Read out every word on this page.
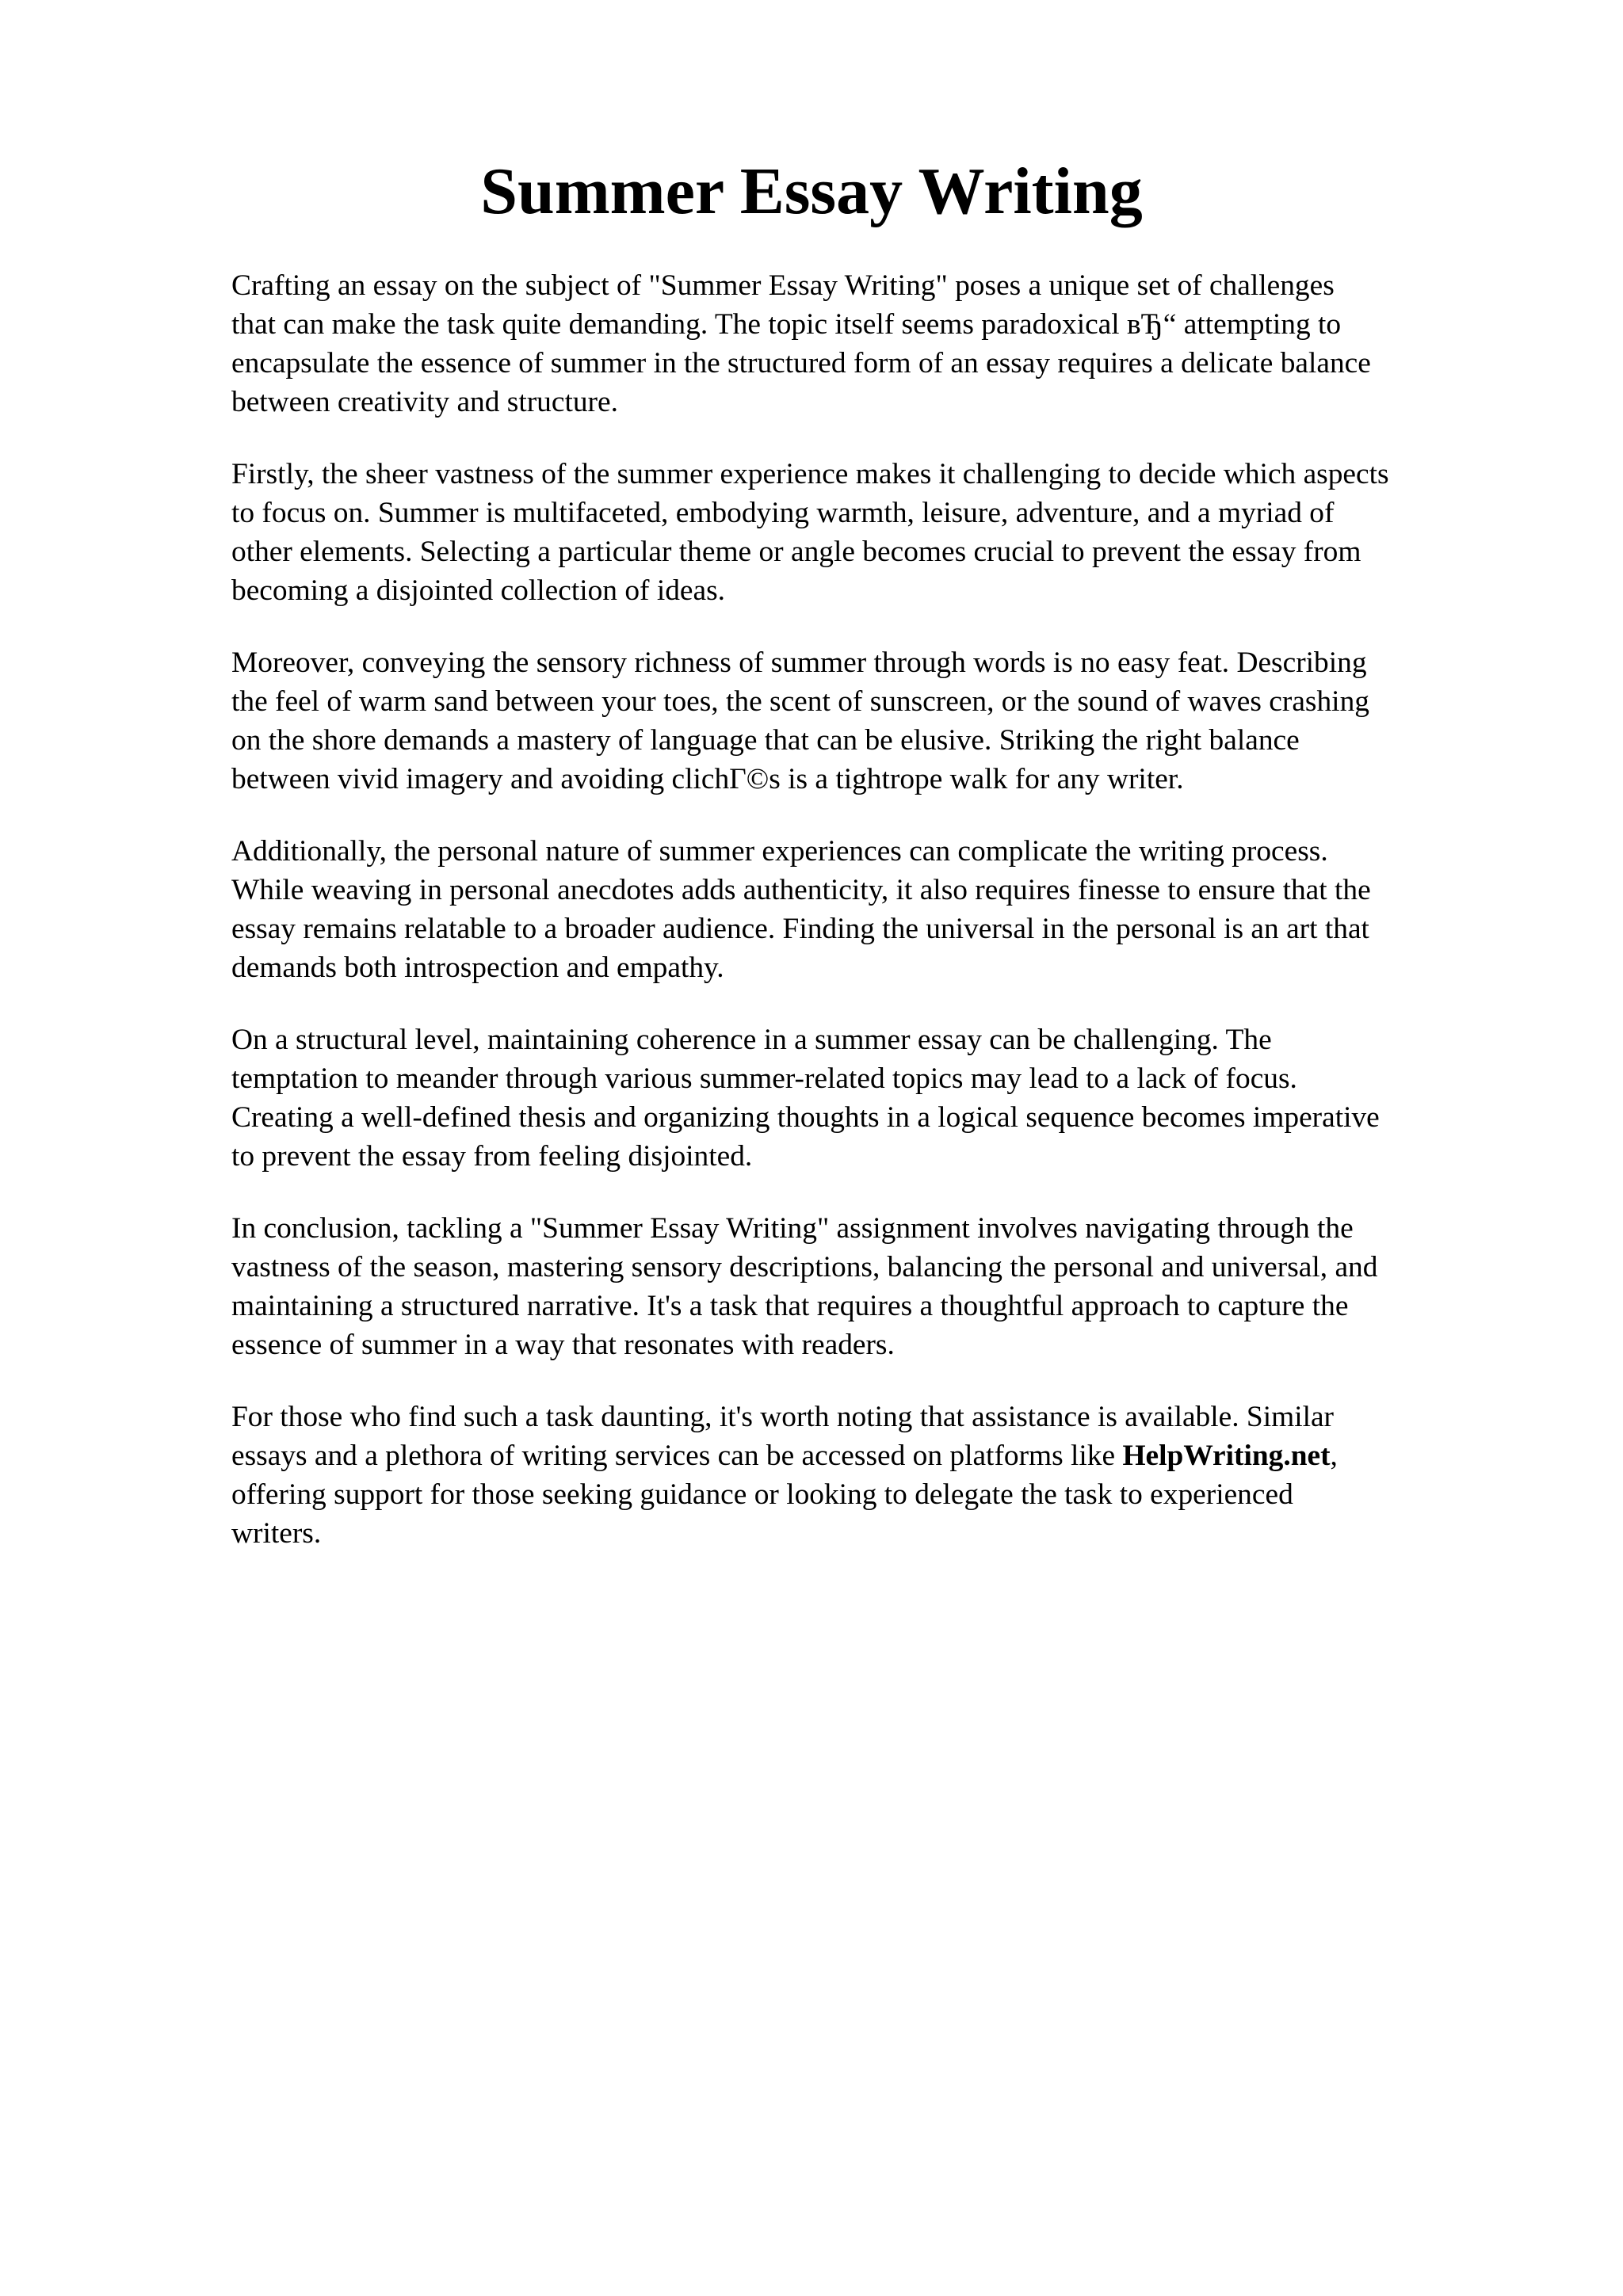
Summer Essay Writing

Crafting an essay on the subject of "Summer Essay Writing" poses a unique set of challenges
that can make the task quite demanding. The topic itself seems paradoxical вЂ“ attempting to
encapsulate the essence of summer in the structured form of an essay requires a delicate balance
between creativity and structure.

Firstly, the sheer vastness of the summer experience makes it challenging to decide which aspects
to focus on. Summer is multifaceted, embodying warmth, leisure, adventure, and a myriad of
other elements. Selecting a particular theme or angle becomes crucial to prevent the essay from
becoming a disjointed collection of ideas.

Moreover, conveying the sensory richness of summer through words is no easy feat. Describing
the feel of warm sand between your toes, the scent of sunscreen, or the sound of waves crashing
on the shore demands a mastery of language that can be elusive. Striking the right balance
between vivid imagery and avoiding clichГ©s is a tightrope walk for any writer.

Additionally, the personal nature of summer experiences can complicate the writing process.
While weaving in personal anecdotes adds authenticity, it also requires finesse to ensure that the
essay remains relatable to a broader audience. Finding the universal in the personal is an art that
demands both introspection and empathy.

On a structural level, maintaining coherence in a summer essay can be challenging. The
temptation to meander through various summer-related topics may lead to a lack of focus.
Creating a well-defined thesis and organizing thoughts in a logical sequence becomes imperative
to prevent the essay from feeling disjointed.

In conclusion, tackling a "Summer Essay Writing" assignment involves navigating through the
vastness of the season, mastering sensory descriptions, balancing the personal and universal, and
maintaining a structured narrative. It's a task that requires a thoughtful approach to capture the
essence of summer in a way that resonates with readers.

For those who find such a task daunting, it's worth noting that assistance is available. Similar
essays and a plethora of writing services can be accessed on platforms like HelpWriting.net,
offering support for those seeking guidance or looking to delegate the task to experienced
writers.
